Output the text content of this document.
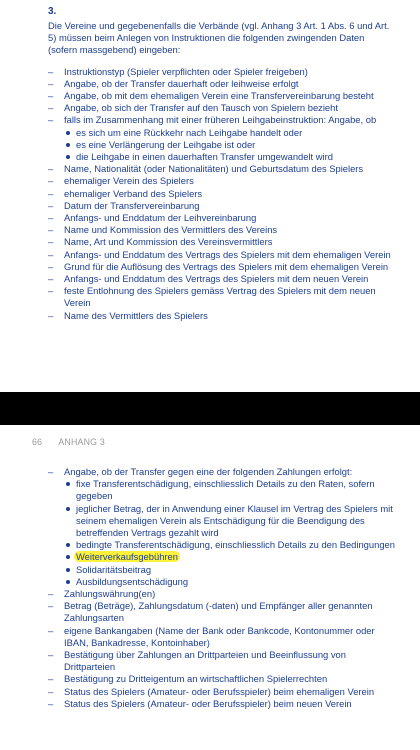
3.

Die Vereine und gegebenenfalls die Verbände (vgl. Anhang 3 Art. 1 Abs. 6 und Art. 5) müssen beim Anlegen von Instruktionen die folgenden zwingenden Daten (sofern massgebend) eingeben:

– Instruktionstyp (Spieler verpflichten oder Spieler freigeben)
– Angabe, ob der Transfer dauerhaft oder leihweise erfolgt
– Angabe, ob mit dem ehemaligen Verein eine Transfervereinbarung besteht
– Angabe, ob sich der Transfer auf den Tausch von Spielern bezieht
– falls im Zusammenhang mit einer früheren Leihgabeinstruktion: Angabe, ob
es sich um eine Rückkehr nach Leihgabe handelt oder
es eine Verlängerung der Leihgabe ist oder
die Leihgabe in einen dauerhaften Transfer umgewandelt wird
– Name, Nationalität (oder Nationalitäten) und Geburtsdatum des Spielers
– ehemaliger Verein des Spielers
– ehemaliger Verband des Spielers
– Datum der Transfervereinbarung
– Anfangs- und Enddatum der Leihvereinbarung
– Name und Kommission des Vermittlers des Vereins
– Name, Art und Kommission des Vereinsvermittlers
– Anfangs- und Enddatum des Vertrags des Spielers mit dem ehemaligen Verein
– Grund für die Auflösung des Vertrags des Spielers mit dem ehemaligen Verein
– Anfangs- und Enddatum des Vertrags des Spielers mit dem neuen Verein
– feste Entlohnung des Spielers gemäss Vertrag des Spielers mit dem neuen Verein
– Name des Vermittlers des Spielers
66 ANHANG 3
– Angabe, ob der Transfer gegen eine der folgenden Zahlungen erfolgt:
fixe Transferentschädigung, einschliesslich Details zu den Raten, sofern gegeben
jeglicher Betrag, der in Anwendung einer Klausel im Vertrag des Spielers mit seinem ehemaligen Verein als Entschädigung für die Beendigung des betreffenden Vertrags gezahlt wird
bedingte Transferentschädigung, einschliesslich Details zu den Bedingungen
Weiterverkaufsgebühren
Solidaritätsbeitrag
Ausbildungsentschädigung
– Zahlungswährung(en)
– Betrag (Beträge), Zahlungsdatum (-daten) und Empfänger aller genannten Zahlungsarten
– eigene Bankangaben (Name der Bank oder Bankcode, Kontonummer oder IBAN, Bankadresse, Kontoinhaber)
– Bestätigung über Zahlungen an Drittparteien und Beeinflussung von Drittparteien
– Bestätigung zu Dritteigentum an wirtschaftlichen Spielerrechten
– Status des Spielers (Amateur- oder Berufsspieler) beim ehemaligen Verein
– Status des Spielers (Amateur- oder Berufsspieler) beim neuen Verein
